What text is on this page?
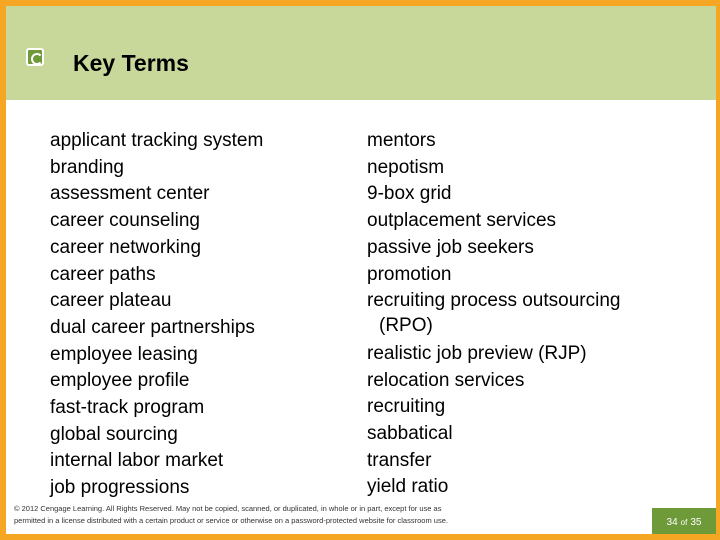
Key Terms
applicant tracking system
branding
assessment center
career counseling
career networking
career paths
career plateau
dual career partnerships
employee leasing
employee profile
fast-track program
global sourcing
internal labor market
job progressions
mentors
nepotism
9-box grid
outplacement services
passive job seekers
promotion
recruiting process outsourcing
(RPO)
realistic job preview (RJP)
relocation services
recruiting
sabbatical
transfer
yield ratio
© 2012 Cengage Learning. All Rights Reserved. May not be copied, scanned, or duplicated, in whole or in part, except for use as
permitted in a license distributed with a certain product or service or otherwise on a password-protected website for classroom use.	34 of 35
